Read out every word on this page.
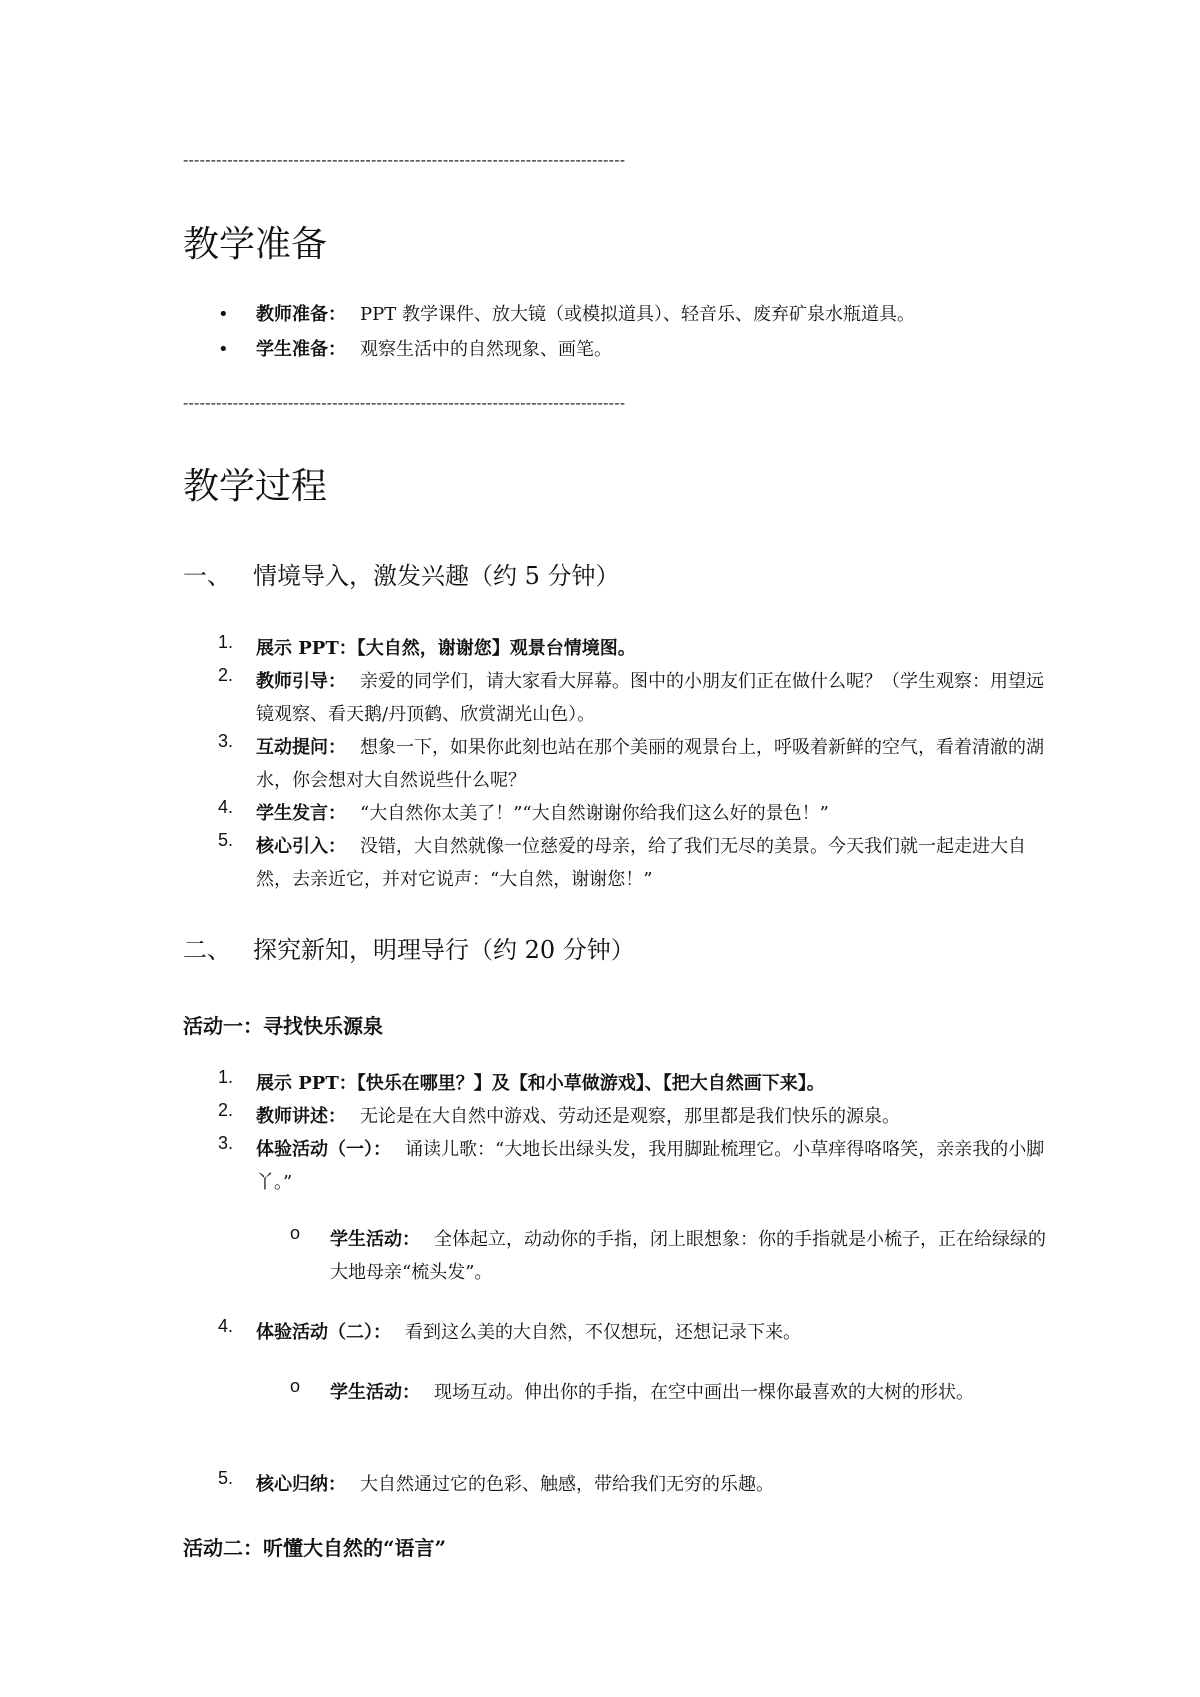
--------------------------------------------------------------------------------
教学准备
• 教师准备： PPT 教学课件、放大镜（或模拟道具）、轻音乐、废弃矿泉水瓶道具。
• 学生准备： 观察生活中的自然现象、画笔。
--------------------------------------------------------------------------------
教学过程
一、 情境导入，激发兴趣（约 5 分钟）
1.	展示 PPT：【大自然，谢谢您】观景台情境图。
2.	教师引导： 亲爱的同学们，请大家看大屏幕。图中的小朋友们正在做什么呢？（学生观察：用望远镜观察、看天鹅/丹顶鹤、欣赏湖光山色）。
3.	互动提问： 想象一下，如果你此刻也站在那个美丽的观景台上，呼吸着新鲜的空气，看着清澈的湖水，你会想对大自然说些什么呢？
4.	学生发言： “大自然你太美了！”“大自然谢谢你给我们这么好的景色！”
5.	核心引入： 没错，大自然就像一位慈爱的母亲，给了我们无尽的美景。今天我们就一起走进大自然，去亲近它，并对它说声：“大自然，谢谢您！”
二、 探究新知，明理导行（约 20 分钟）
活动一：寻找快乐源泉
1.	展示 PPT：【快乐在哪里？】及【和小草做游戏】、【把大自然画下来】。
2.	教师讲述： 无论是在大自然中游戏、劳动还是观察，那里都是我们快乐的源泉。
3.	体验活动（一）： 诵读儿歌：“大地长出绿头发，我用脚趾梳理它。小草痒得咯咯笑，亲亲我的小脚丫。”
o 学生活动： 全体起立，动动你的手指，闭上眼想象：你的手指就是小梳子，正在给绿绿的大地母亲“梳头发”。
4.	体验活动（二）： 看到这么美的大自然，不仅想玩，还想记录下来。
o 学生活动： 现场互动。伸出你的手指，在空中画出一棵你最喜欢的大树的形状。
5.	核心归纳： 大自然通过它的色彩、触感，带给我们无穷的乐趣。
活动二：听懂大自然的“语言”
